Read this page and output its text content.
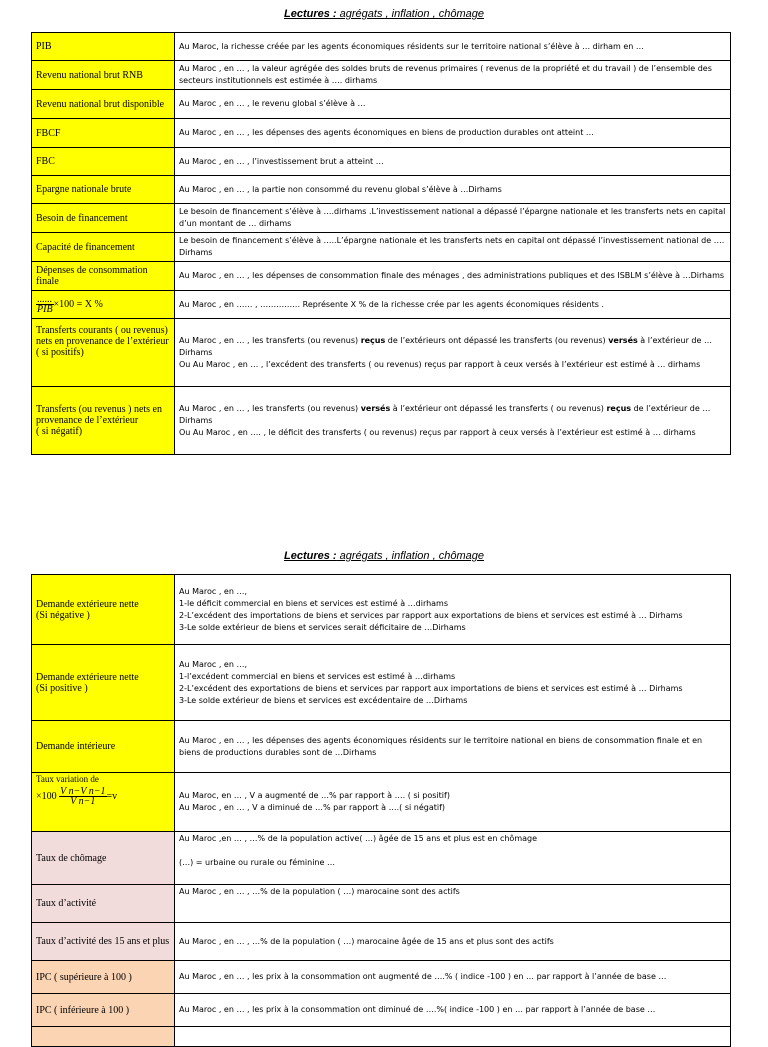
Lectures : agrégats , inflation , chômage
PIB	Au Maroc, la richesse créée par les agents économiques résidents sur le territoire national s’élève à … dirham en …
Revenu national brut RNB	Au Maroc , en … , la valeur agrégée des soldes bruts de revenus primaires ( revenus de la propriété et du travail ) de l’ensemble des secteurs institutionnels est estimée à …. dirhams
Revenu national brut disponible	Au Maroc , en … , le revenu global s’élève à …
FBCF	Au Maroc , en … , les dépenses des agents économiques en biens de production durables ont atteint …
FBC	Au Maroc , en … , l’investissement brut a atteint …
Epargne nationale brute	Au Maroc , en … , la partie non consommé du revenu global s’élève à …Dirhams
Besoin de financement	Le besoin de financement s’élève à ….dirhams .L’investissement national a dépassé l’épargne nationale et les transferts nets en capital d’un montant de … dirhams
Capacité de financement	Le besoin de financement s’élève à …..L’épargne nationale et les transferts nets en capital ont dépassé l’investissement national de …. Dirhams
Dépenses de consommation finale	Au Maroc , en … , les dépenses de consommation finale des ménages , des administrations publiques et des ISBLM s’élève à …Dirhams

$\frac{......}{\text{PIB}} \times 100 = X$ %	Au Maroc , en …… , …………… Représente X % de la richesse crée par les agents économiques résidents .
Transferts courants ( ou revenus) nets en provenance de l’extérieur
( si positifs)	Au Maroc , en … , les transferts (ou revenus) reçus de l’extérieurs ont dépassé les transferts (ou revenus) versés à l’extérieur de … Dirhams
Ou Au Maroc , en … , l’excédent des transferts ( ou revenus) reçus par rapport à ceux versés à l’extérieur est estimé à … dirhams
Transferts (ou revenus ) nets en provenance de l’extérieur
( si négatif)	Au Maroc , en … , les transferts (ou revenus) versés à l’extérieur ont dépassé les transferts ( ou revenus) reçus de l’extérieur de … Dirhams
Ou Au Maroc , en …. , le déficit des transferts ( ou revenus) reçus par rapport à ceux versés à l’extérieur est estimé à … dirhams
Lectures : agrégats , inflation , chômage
Demande extérieure nette
(Si négative )	Au Maroc , en …,
1-le déficit commercial en biens et services est estimé à …dirhams
2-L’excédent des importations de biens et services par rapport aux exportations de biens et services est estimé à … Dirhams
3-Le solde extérieur de biens et services serait déficitaire de …Dirhams
Demande extérieure nette
(Si positive )	Au Maroc , en …,
1-l’excédent commercial en biens et services est estimé à …dirhams
2-L’excédent des exportations de biens et services par rapport aux importations de biens et services est estimé à … Dirhams
3-Le solde extérieur de biens et services est excédentaire de …Dirhams
Demande intérieure	Au Maroc , en … , les dépenses des agents économiques résidents sur le territoire national en biens de consommation finale et en biens de productions durables sont de …Dirhams

Taux variation de
$\times 100 \frac{\text{V n−V n−1}}{\text{V n−1}} =v$	Au Maroc, en … , V a augmenté de …% par rapport à …. ( si positif)
Au Maroc , en … , V a diminué de …% par rapport à ….( si négatif)
Taux de chômage	Au Maroc ,en … , …% de la population active( …) âgée de 15 ans et plus est en chômage

(…) = urbaine ou rurale ou féminine …
Taux d’activité	Au Maroc , en … , …% de la population ( …) marocaine sont des actifs
Taux d’activité des 15 ans et plus	Au Maroc , en … , …% de la population ( …) marocaine âgée de 15 ans et plus sont des actifs
IPC ( supérieure à 100 )	Au Maroc , en … , les prix à la consommation ont augmenté de ….% ( indice -100 ) en … par rapport à l’année de base …
IPC ( inférieure à 100 )	Au Maroc , en … , les prix à la consommation ont diminué de ….%( indice -100 ) en … par rapport à l’année de base …
